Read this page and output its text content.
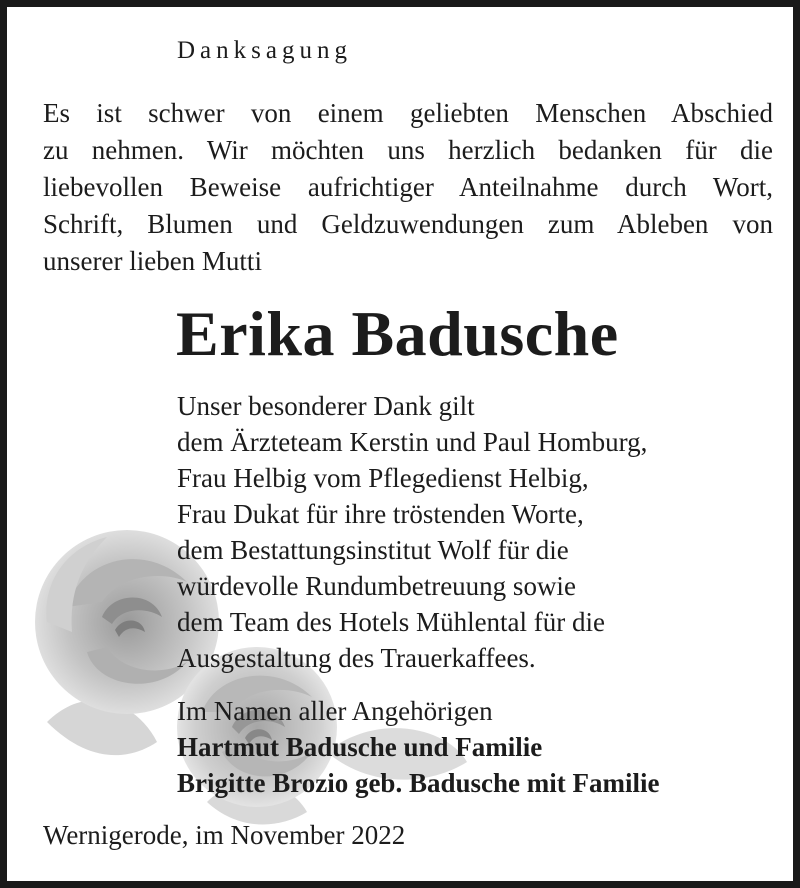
Danksagung
Es ist schwer von einem geliebten Menschen Abschied
zu nehmen. Wir möchten uns herzlich bedanken für die
liebevollen Beweise aufrichtiger Anteilnahme durch Wort,
Schrift, Blumen und Geldzuwendungen zum Ableben von
unserer lieben Mutti
Erika Badusche
Unser besonderer Dank gilt
dem Ärzteteam Kerstin und Paul Homburg,
Frau Helbig vom Pflegedienst Helbig,
Frau Dukat für ihre tröstenden Worte,
dem Bestattungsinstitut Wolf für die
würdevolle Rundumbetreuung sowie
dem Team des Hotels Mühlental für die
Ausgestaltung des Trauerkaffees.
Im Namen aller Angehörigen
Hartmut Badusche und Familie
Brigitte Brozio geb. Badusche mit Familie
Wernigerode, im November 2022
